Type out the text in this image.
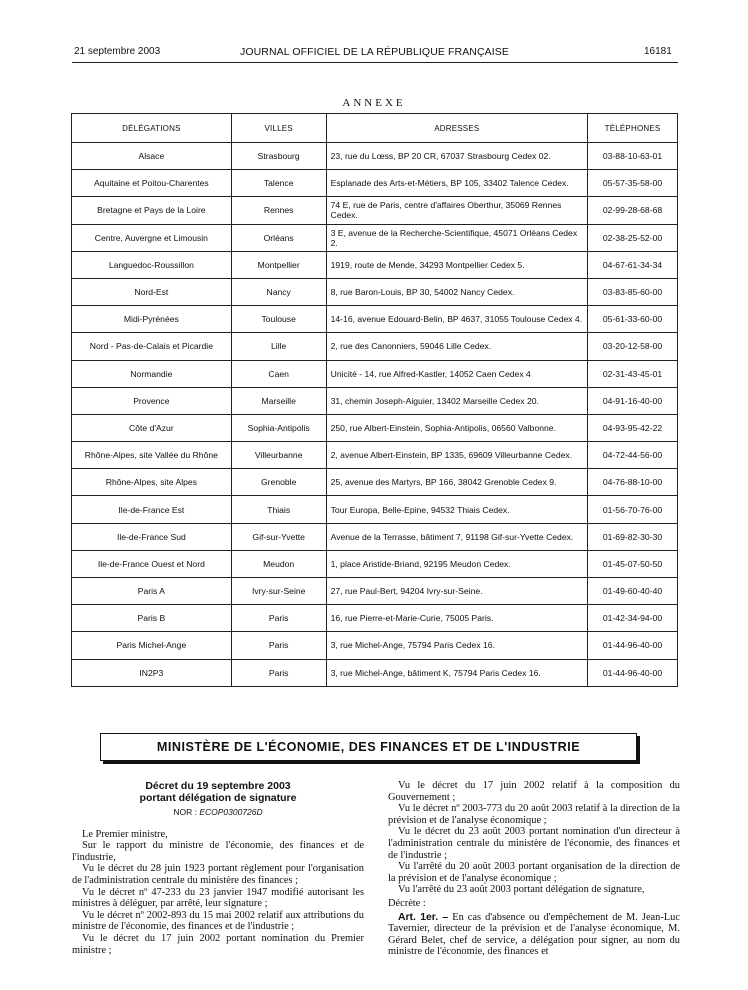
21 septembre 2003	JOURNAL OFFICIEL DE LA RÉPUBLIQUE FRANÇAISE	16181
ANNEXE
DÉLÉGATIONS	VILLES	ADRESSES	TÉLÉPHONES
Alsace	Strasbourg	23, rue du Lœss, BP 20 CR, 67037 Strasbourg Cedex 02.	03-88-10-63-01
Aquitaine et Poitou-Charentes	Talence	Esplanade des Arts-et-Métiers, BP 105, 33402 Talence Cedex.	05-57-35-58-00
Bretagne et Pays de la Loire	Rennes	74 E, rue de Paris, centre d'affaires Oberthur, 35069 Rennes Cedex.	02-99-28-68-68
Centre, Auvergne et Limousin	Orléans	3 E, avenue de la Recherche-Scientifique, 45071 Orléans Cedex 2.	02-38-25-52-00
Languedoc-Roussillon	Montpellier	1919, route de Mende, 34293 Montpellier Cedex 5.	04-67-61-34-34
Nord-Est	Nancy	8, rue Baron-Louis, BP 30, 54002 Nancy Cedex.	03-83-85-60-00
Midi-Pyrénées	Toulouse	14-16, avenue Edouard-Belin, BP 4637, 31055 Toulouse Cedex 4.	05-61-33-60-00
Nord - Pas-de-Calais et Picardie	Lille	2, rue des Canonniers, 59046 Lille Cedex.	03-20-12-58-00
Normandie	Caen	Unicité - 14, rue Alfred-Kastler, 14052 Caen Cedex 4	02-31-43-45-01
Provence	Marseille	31, chemin Joseph-Aiguier, 13402 Marseille Cedex 20.	04-91-16-40-00
Côte d'Azur	Sophia-Antipolis	250, rue Albert-Einstein, Sophia-Antipolis, 06560 Valbonne.	04-93-95-42-22
Rhône-Alpes, site Vallée du Rhône	Villeurbanne	2, avenue Albert-Einstein, BP 1335, 69609 Villeurbanne Cedex.	04-72-44-56-00
Rhône-Alpes, site Alpes	Grenoble	25, avenue des Martyrs, BP 166, 38042 Grenoble Cedex 9.	04-76-88-10-00
Ile-de-France Est	Thiais	Tour Europa, Belle-Epine, 94532 Thiais Cedex.	01-56-70-76-00
Ile-de-France Sud	Gif-sur-Yvette	Avenue de la Terrasse, bâtiment 7, 91198 Gif-sur-Yvette Cedex.	01-69-82-30-30
Ile-de-France Ouest et Nord	Meudon	1, place Aristide-Briand, 92195 Meudon Cedex.	01-45-07-50-50
Paris A	Ivry-sur-Seine	27, rue Paul-Bert, 94204 Ivry-sur-Seine.	01-49-60-40-40
Paris B	Paris	16, rue Pierre-et-Marie-Curie, 75005 Paris.	01-42-34-94-00
Paris Michel-Ange	Paris	3, rue Michel-Ange, 75794 Paris Cedex 16.	01-44-96-40-00
IN2P3	Paris	3, rue Michel-Ange, bâtiment K, 75794 Paris Cedex 16.	01-44-96-40-00
MINISTÈRE DE L'ÉCONOMIE, DES FINANCES ET DE L'INDUSTRIE
Décret du 19 septembre 2003
portant délégation de signature
NOR : ECOP0300726D

Le Premier ministre,

Sur le rapport du ministre de l'économie, des finances et de l'industrie,

Vu le décret du 28 juin 1923 portant règlement pour l'organisation de l'administration centrale du ministère des finances ;

Vu le décret nº 47-233 du 23 janvier 1947 modifié autorisant les ministres à déléguer, par arrêté, leur signature ;

Vu le décret nº 2002-893 du 15 mai 2002 relatif aux attributions du ministre de l'économie, des finances et de l'industrie ;

Vu le décret du 17 juin 2002 portant nomination du Premier ministre ;

Vu le décret du 17 juin 2002 relatif à la composition du Gouvernement ;

Vu le décret nº 2003-773 du 20 août 2003 relatif à la direction de la prévision et de l'analyse économique ;

Vu le décret du 23 août 2003 portant nomination d'un directeur à l'administration centrale du ministère de l'économie, des finances et de l'industrie ;

Vu l'arrêté du 20 août 2003 portant organisation de la direction de la prévision et de l'analyse économique ;

Vu l'arrêté du 23 août 2003 portant délégation de signature,

Décrète :

Art. 1er. – En cas d'absence ou d'empêchement de M. Jean-Luc Tavernier, directeur de la prévision et de l'analyse économique, M. Gérard Belet, chef de service, a délégation pour signer, au nom du ministre de l'économie, des finances et
